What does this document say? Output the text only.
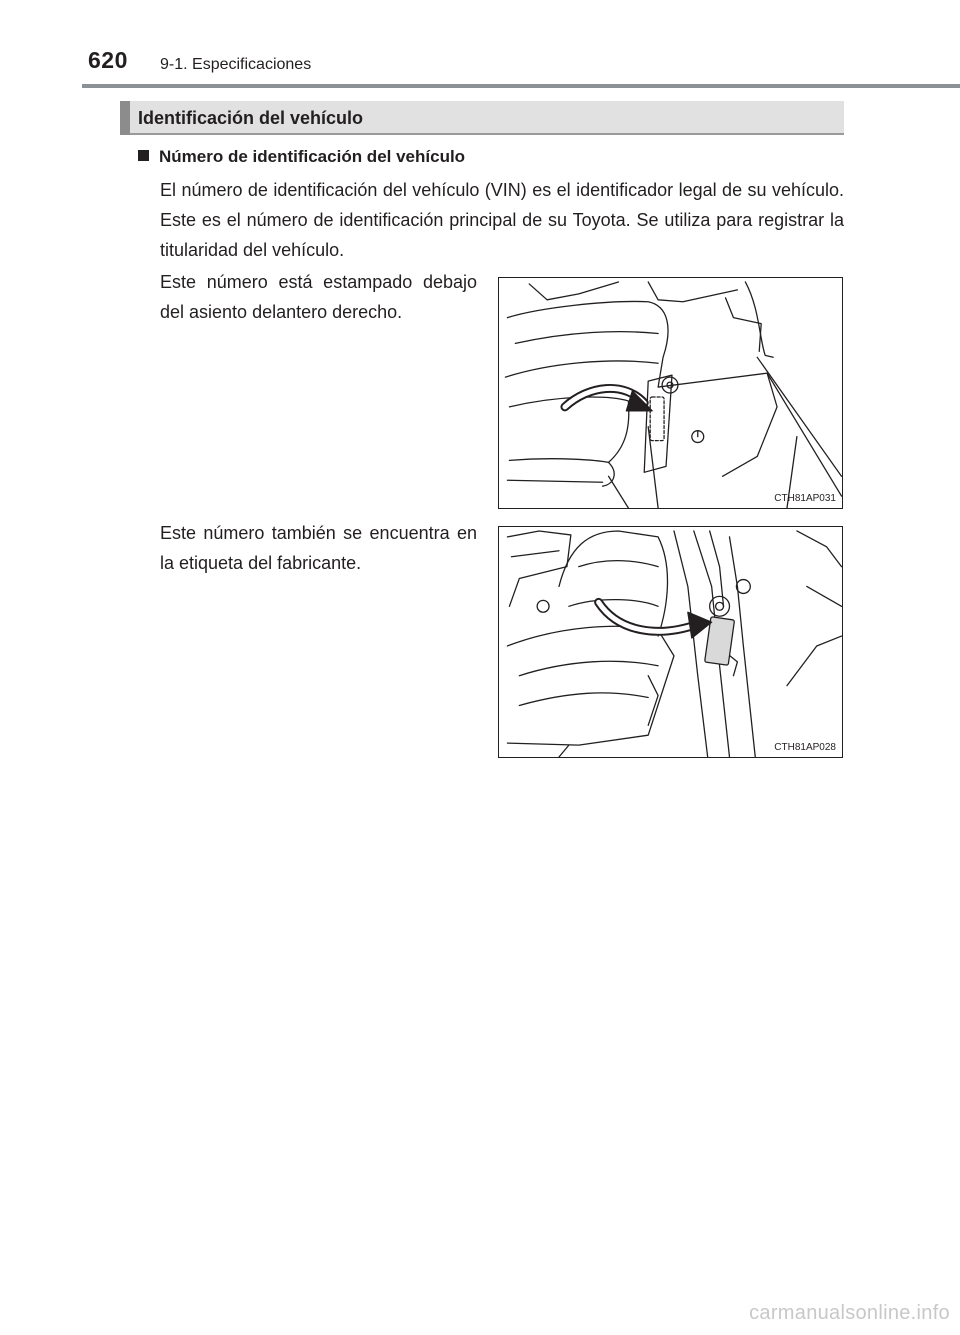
620 9-1. Especificaciones
Identificación del vehículo
Número de identificación del vehículo

El número de identificación del vehículo (VIN) es el identificador legal de su vehículo. Este es el número de identificación principal de su Toyota. Se utiliza para registrar la titularidad del vehículo.

Este número está estampado debajo del asiento delantero derecho.

CTH81AP031

Este número también se encuentra en la etiqueta del fabricante.

CTH81AP028
carmanualsonline.info
